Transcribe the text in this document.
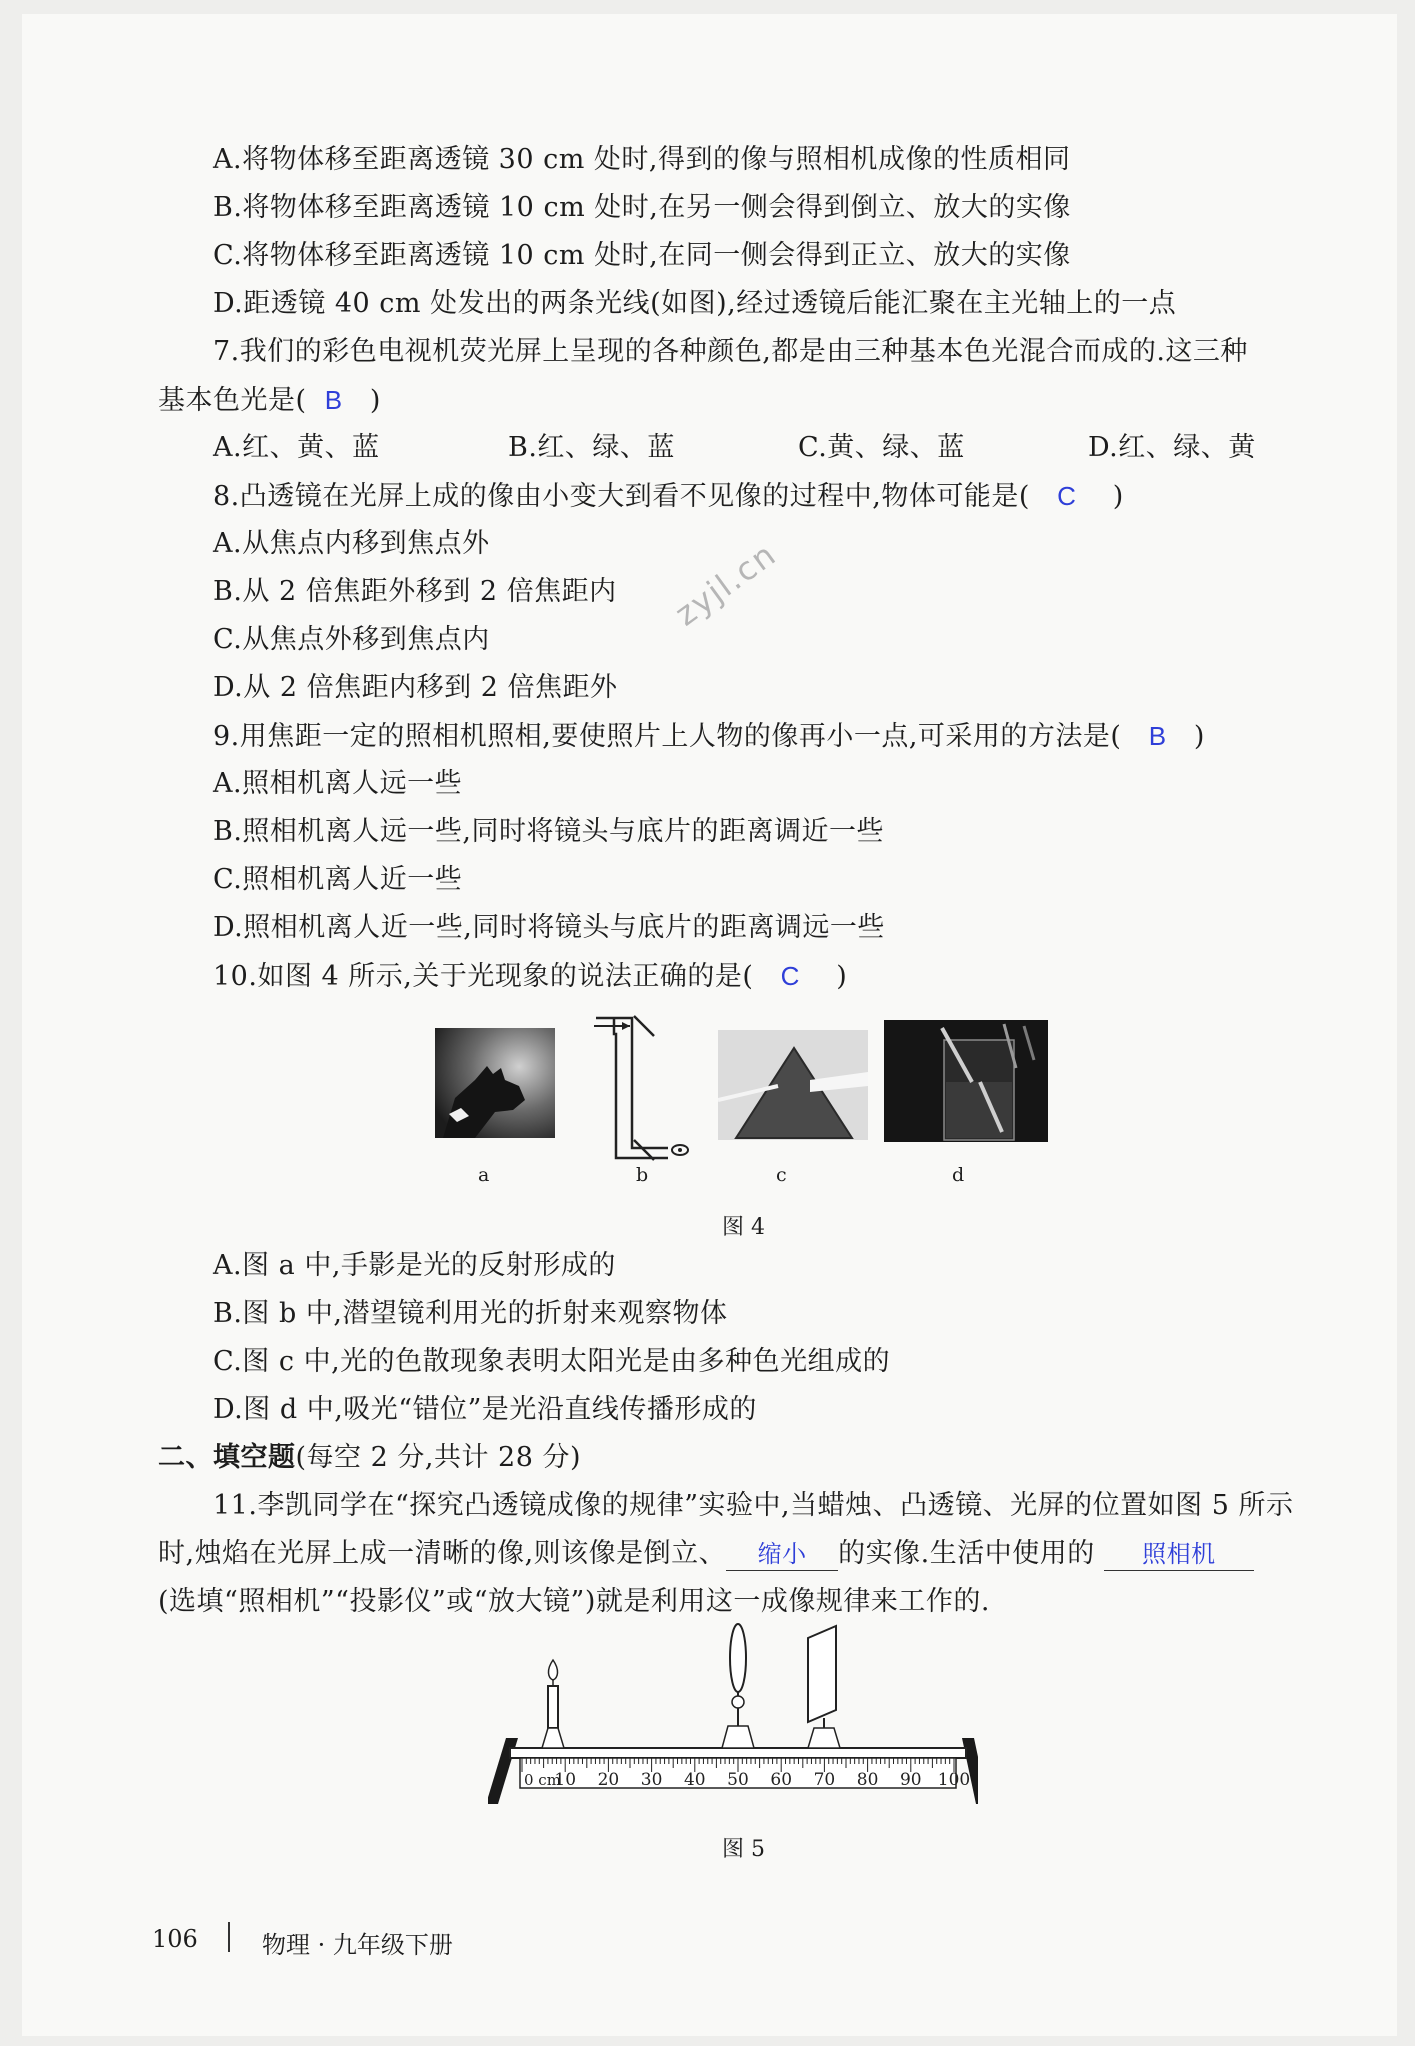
A.将物体移至距离透镜 30 cm 处时,得到的像与照相机成像的性质相同
B.将物体移至距离透镜 10 cm 处时,在另一侧会得到倒立、放大的实像
C.将物体移至距离透镜 10 cm 处时,在同一侧会得到正立、放大的实像
D.距透镜 40 cm 处发出的两条光线(如图),经过透镜后能汇聚在主光轴上的一点
7.我们的彩色电视机荧光屏上呈现的各种颜色,都是由三种基本色光混合而成的.这三种
基本色光是( B )
A.红、黄、蓝	B.红、绿、蓝	C.黄、绿、蓝	D.红、绿、黄
8.凸透镜在光屏上成的像由小变大到看不见像的过程中,物体可能是( C )
A.从焦点内移到焦点外
B.从 2 倍焦距外移到 2 倍焦距内
C.从焦点外移到焦点内
D.从 2 倍焦距内移到 2 倍焦距外
zyjl.cn
9.用焦距一定的照相机照相,要使照片上人物的像再小一点,可采用的方法是( B )
A.照相机离人远一些
B.照相机离人远一些,同时将镜头与底片的距离调近一些
C.照相机离人近一些
D.照相机离人近一些,同时将镜头与底片的距离调远一些
10.如图 4 所示,关于光现象的说法正确的是( C )
a	b	c	d
图 4
A.图 a 中,手影是光的反射形成的
B.图 b 中,潜望镜利用光的折射来观察物体
C.图 c 中,光的色散现象表明太阳光是由多种色光组成的
D.图 d 中,吸光“错位”是光沿直线传播形成的
二、填空题(每空 2 分,共计 28 分)
11.李凯同学在“探究凸透镜成像的规律”实验中,当蜡烛、凸透镜、光屏的位置如图 5 所示
时,烛焰在光屏上成一清晰的像,则该像是倒立、 缩小 的实像.生活中使用的 照相机
(选填“照相机”“投影仪”或“放大镜”)就是利用这一成像规律来工作的.
0 cm
10 20 30 40 50 60 70 80 90 100
图 5
106	物理 · 九年级下册
